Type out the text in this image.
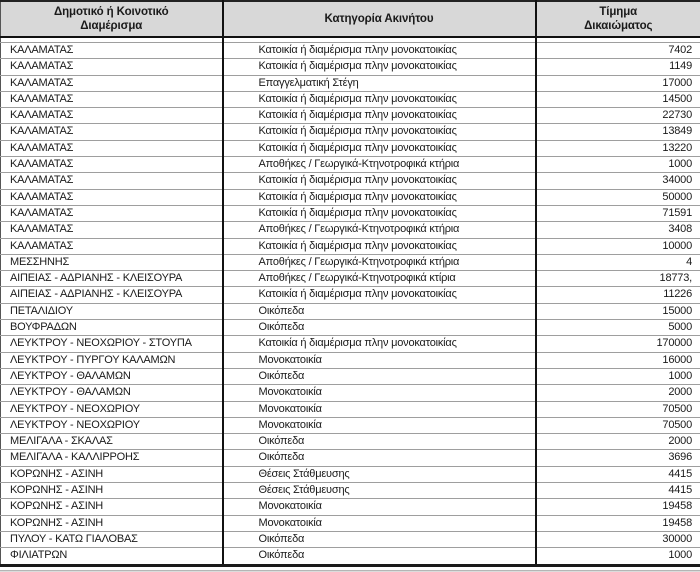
Δημοτικό ή Κοινοτικό Διαμέρισμα	Κατηγορία Ακινήτου	Τίμημα Δικαιώματος

ΚΑΛΑΜΑΤΑΣ	Κατοικία ή διαμέρισμα πλην μονοκατοικίας	7402
ΚΑΛΑΜΑΤΑΣ	Κατοικία ή διαμέρισμα πλην μονοκατοικίας	1149
ΚΑΛΑΜΑΤΑΣ	Επαγγελματική Στέγη	17000
ΚΑΛΑΜΑΤΑΣ	Κατοικία ή διαμέρισμα πλην μονοκατοικίας	14500
ΚΑΛΑΜΑΤΑΣ	Κατοικία ή διαμέρισμα πλην μονοκατοικίας	22730
ΚΑΛΑΜΑΤΑΣ	Κατοικία ή διαμέρισμα πλην μονοκατοικίας	13849
ΚΑΛΑΜΑΤΑΣ	Κατοικία ή διαμέρισμα πλην μονοκατοικίας	13220
ΚΑΛΑΜΑΤΑΣ	Αποθήκες / Γεωργικά-Κτηνοτροφικά κτήρια	1000
ΚΑΛΑΜΑΤΑΣ	Κατοικία ή διαμέρισμα πλην μονοκατοικίας	34000
ΚΑΛΑΜΑΤΑΣ	Κατοικία ή διαμέρισμα πλην μονοκατοικίας	50000
ΚΑΛΑΜΑΤΑΣ	Κατοικία ή διαμέρισμα πλην μονοκατοικίας	71591
ΚΑΛΑΜΑΤΑΣ	Αποθήκες / Γεωργικά-Κτηνοτροφικά κτήρια	3408
ΚΑΛΑΜΑΤΑΣ	Κατοικία ή διαμέρισμα πλην μονοκατοικίας	10000
ΜΕΣΣΗΝΗΣ	Αποθήκες / Γεωργικά-Κτηνοτροφικά κτήρια	4
ΑΙΠΕΙΑΣ - ΑΔΡΙΑΝΗΣ - ΚΛΕΙΣΟΥΡΑ	Αποθήκες / Γεωργικά-Κτηνοτροφικά κτίρια	18773,
ΑΙΠΕΙΑΣ - ΑΔΡΙΑΝΗΣ - ΚΛΕΙΣΟΥΡΑ	Κατοικία ή διαμέρισμα πλην μονοκατοικίας	11226
ΠΕΤΑΛΙΔΙΟΥ	Οικόπεδα	15000
ΒΟΥΦΡΑΔΩΝ	Οικόπεδα	5000
ΛΕΥΚΤΡΟΥ - ΝΕΟΧΩΡΙΟΥ - ΣΤΟΥΠΑ	Κατοικία ή διαμέρισμα πλην μονοκατοικίας	170000
ΛΕΥΚΤΡΟΥ - ΠΥΡΓΟΥ ΚΑΛΑΜΩΝ	Μονοκατοικία	16000
ΛΕΥΚΤΡΟΥ - ΘΑΛΑΜΩΝ	Οικόπεδα	1000
ΛΕΥΚΤΡΟΥ - ΘΑΛΑΜΩΝ	Μονοκατοικία	2000
ΛΕΥΚΤΡΟΥ - ΝΕΟΧΩΡΙΟΥ	Μονοκατοικία	70500
ΛΕΥΚΤΡΟΥ - ΝΕΟΧΩΡΙΟΥ	Μονοκατοικία	70500
ΜΕΛΙΓΑΛΑ - ΣΚΑΛΑΣ	Οικόπεδα	2000
ΜΕΛΙΓΑΛΑ - ΚΑΛΛΙΡΡΟΗΣ	Οικόπεδα	3696
ΚΟΡΩΝΗΣ - ΑΣΙΝΗ	Θέσεις Στάθμευσης	4415
ΚΟΡΩΝΗΣ - ΑΣΙΝΗ	Θέσεις Στάθμευσης	4415
ΚΟΡΩΝΗΣ - ΑΣΙΝΗ	Μονοκατοικία	19458
ΚΟΡΩΝΗΣ - ΑΣΙΝΗ	Μονοκατοικία	19458
ΠΥΛΟΥ - ΚΑΤΩ ΓΙΑΛΟΒΑΣ	Οικόπεδα	30000
ΦΙΛΙΑΤΡΩΝ	Οικόπεδα	1000
